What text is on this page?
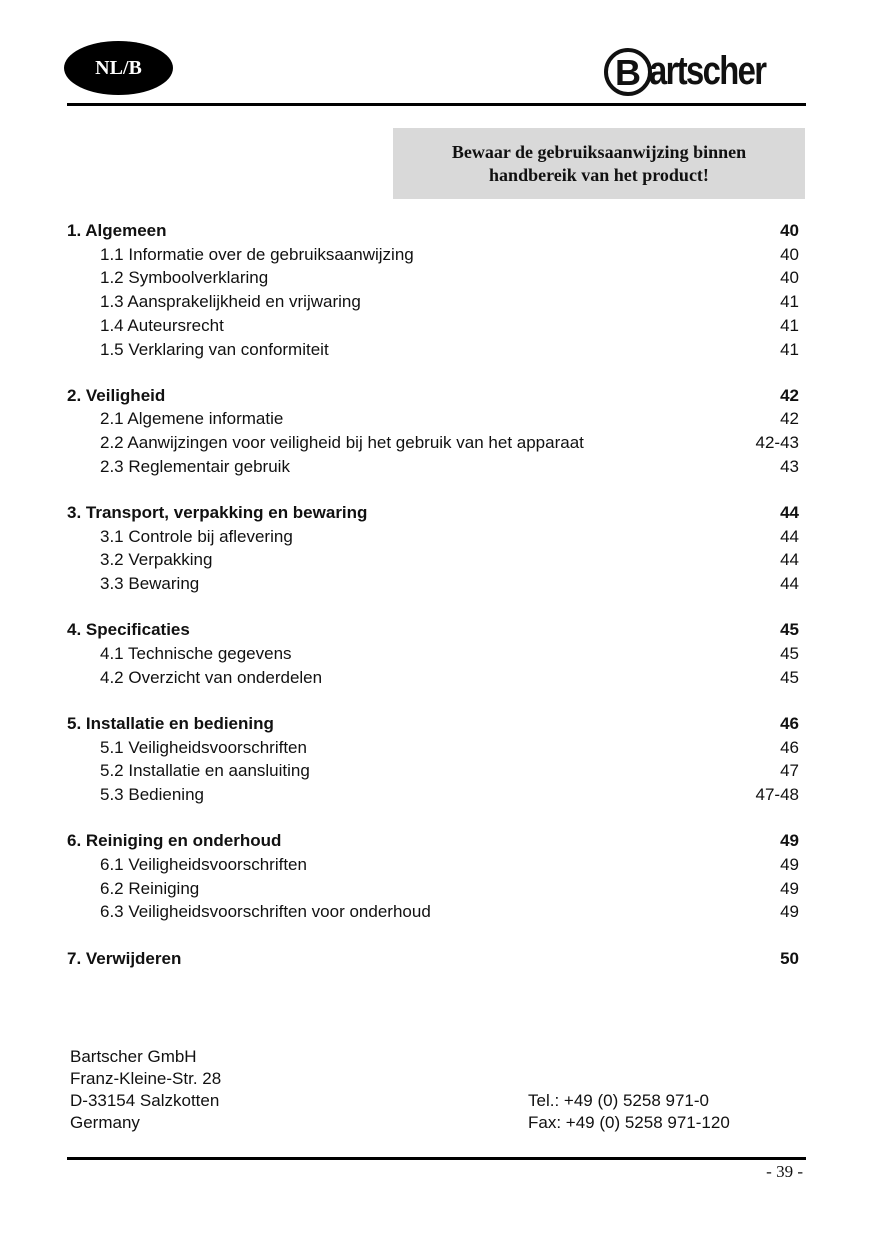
NL/B	B artscher
Bewaar de gebruiksaanwijzing binnen
handbereik van het product!
1. Algemeen	40
1.1 Informatie over de gebruiksaanwijzing	40
1.2 Symboolverklaring	40
1.3 Aansprakelijkheid en vrijwaring	41
1.4 Auteursrecht	41
1.5 Verklaring van conformiteit	41
2. Veiligheid	42
2.1 Algemene informatie	42
2.2 Aanwijzingen voor veiligheid bij het gebruik van het apparaat	42-43
2.3 Reglementair gebruik	43
3. Transport, verpakking en bewaring	44
3.1 Controle bij aflevering	44
3.2 Verpakking	44
3.3 Bewaring	44
4. Specificaties	45
4.1 Technische gegevens	45
4.2 Overzicht van onderdelen	45
5. Installatie en bediening	46
5.1 Veiligheidsvoorschriften	46
5.2 Installatie en aansluiting	47
5.3 Bediening	47-48
6. Reiniging en onderhoud	49
6.1 Veiligheidsvoorschriften	49
6.2 Reiniging	49
6.3 Veiligheidsvoorschriften voor onderhoud	49
7. Verwijderen	50
Bartscher GmbH
Franz-Kleine-Str. 28
D-33154 Salzkotten
Germany
Tel.: +49 (0) 5258 971-0
Fax: +49 (0) 5258 971-120
- 39 -
